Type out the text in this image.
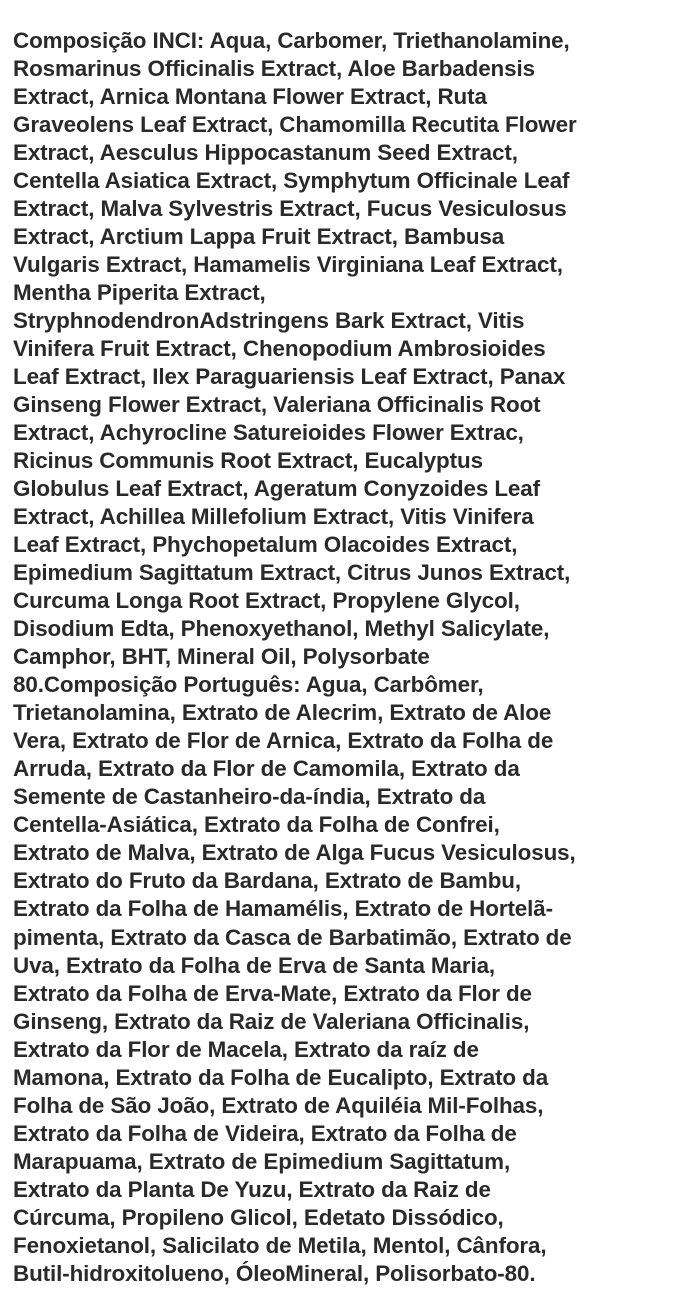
Composição INCI: Aqua, Carbomer, Triethanolamine,
Rosmarinus Officinalis Extract, Aloe Barbadensis
Extract, Arnica Montana Flower Extract, Ruta
Graveolens Leaf Extract, Chamomilla Recutita Flower
Extract, Aesculus Hippocastanum Seed Extract,
Centella Asiatica Extract, Symphytum Officinale Leaf
Extract, Malva Sylvestris Extract, Fucus Vesiculosus
Extract, Arctium Lappa Fruit Extract, Bambusa
Vulgaris Extract, Hamamelis Virginiana Leaf Extract,
Mentha Piperita Extract,
StryphnodendronAdstringens Bark Extract, Vitis
Vinifera Fruit Extract, Chenopodium Ambrosioides
Leaf Extract, Ilex Paraguariensis Leaf Extract, Panax
Ginseng Flower Extract, Valeriana Officinalis Root
Extract, Achyrocline Satureioides Flower Extrac,
Ricinus Communis Root Extract, Eucalyptus
Globulus Leaf Extract, Ageratum Conyzoides Leaf
Extract, Achillea Millefolium Extract, Vitis Vinifera
Leaf Extract, Phychopetalum Olacoides Extract,
Epimedium Sagittatum Extract, Citrus Junos Extract,
Curcuma Longa Root Extract, Propylene Glycol,
Disodium Edta, Phenoxyethanol, Methyl Salicylate,
Camphor, BHT, Mineral Oil, Polysorbate
80.Composição Português: Agua, Carbômer,
Trietanolamina, Extrato de Alecrim, Extrato de Aloe
Vera, Extrato de Flor de Arnica, Extrato da Folha de
Arruda, Extrato da Flor de Camomila, Extrato da
Semente de Castanheiro-da-índia, Extrato da
Centella-Asiática, Extrato da Folha de Confrei,
Extrato de Malva, Extrato de Alga Fucus Vesiculosus,
Extrato do Fruto da Bardana, Extrato de Bambu,
Extrato da Folha de Hamamélis, Extrato de Hortelã-
pimenta, Extrato da Casca de Barbatimão, Extrato de
Uva, Extrato da Folha de Erva de Santa Maria,
Extrato da Folha de Erva-Mate, Extrato da Flor de
Ginseng, Extrato da Raiz de Valeriana Officinalis,
Extrato da Flor de Macela, Extrato da raíz de
Mamona, Extrato da Folha de Eucalipto, Extrato da
Folha de São João, Extrato de Aquiléia Mil-Folhas,
Extrato da Folha de Videira, Extrato da Folha de
Marapuama, Extrato de Epimedium Sagittatum,
Extrato da Planta De Yuzu, Extrato da Raiz de
Cúrcuma, Propileno Glicol, Edetato Dissódico,
Fenoxietanol, Salicilato de Metila, Mentol, Cânfora,
Butil-hidroxitolueno, ÓleoMineral, Polisorbato-80.
